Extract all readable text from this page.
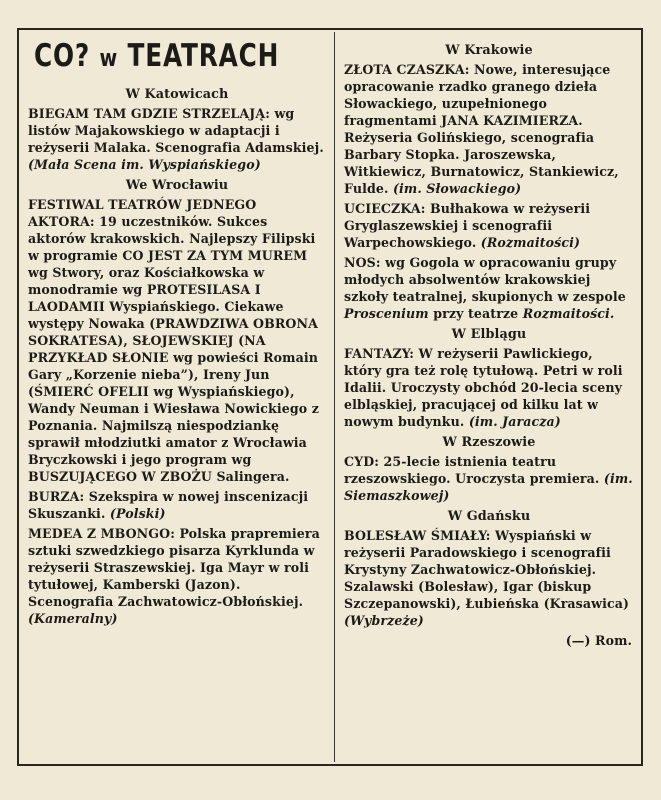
CO? w TEATRACH
W Katowicach
BIEGAM TAM GDZIE STRZELAJĄ: wg listów Majakowskiego w adaptacji i reżyserii Malaka. Scenografia Adamskiej. (Mała Scena im. Wyspiańskiego)
We Wrocławiu
FESTIWAL TEATRÓW JEDNEGO AKTORA: 19 uczestników. Sukces aktorów krakowskich. Najlepszy Filipski w programie CO JEST ZA TYM MUREM wg Stwory, oraz Kościałkowska w monodramie wg PROTESILASA I LAODAMII Wyspiańskiego. Ciekawe występy Nowaka (PRAWDZIWA OBRONA SOKRATESA), SŁOJEWSKIEJ (NA PRZYKŁAD SŁONIE wg powieści Romain Gary „Korzenie nieba”), Ireny Jun (ŚMIERĆ OFELII wg Wyspiańskiego), Wandy Neuman i Wiesława Nowickiego z Poznania. Najmilszą niespodziankę sprawił młodziutki amator z Wrocławia Bryczkowski i jego program wg BUSZUJĄCEGO W ZBOŻU Salingera.
BURZA: Szekspira w nowej inscenizacji Skuszanki. (Polski)
MEDEA Z MBONGO: Polska prapremiera sztuki szwedzkiego pisarza Kyrklunda w reżyserii Straszewskiej. Iga Mayr w roli tytułowej, Kamberski (Jazon). Scenografia Zachwatowicz-Obłońskiej. (Kameralny)
W Krakowie
ZŁOTA CZASZKA: Nowe, interesujące opracowanie rzadko granego dzieła Słowackiego, uzupełnionego fragmentami JANA KAZIMIERZA. Reżyseria Golińskiego, scenografia Barbary Stopka. Jaroszewska, Witkiewicz, Burnatowicz, Stankiewicz, Fulde. (im. Słowackiego)
UCIECZKA: Bułhakowa w reżyserii Gryglaszewskiej i scenografii Warpechowskiego. (Rozmaitości)
NOS: wg Gogola w opracowaniu grupy młodych absolwentów krakowskiej szkoły teatralnej, skupionych w zespole Proscenium przy teatrze Rozmaitości.
W Elblągu
FANTAZY: W reżyserii Pawlickiego, który gra też rolę tytułową. Petri w roli Idalii. Uroczysty obchód 20-lecia sceny elbląskiej, pracującej od kilku lat w nowym budynku. (im. Jaracza)
W Rzeszowie
CYD: 25-lecie istnienia teatru rzeszowskiego. Uroczysta premiera. (im. Siemaszkowej)
W Gdańsku
BOLESŁAW ŚMIAŁY: Wyspiański w reżyserii Paradowskiego i scenografii Krystyny Zachwatowicz-Obłońskiej. Szalawski (Bolesław), Igar (biskup Szczepanowski), Łubieńska (Krasawica) (Wybrzeże)
(—) Rom.
